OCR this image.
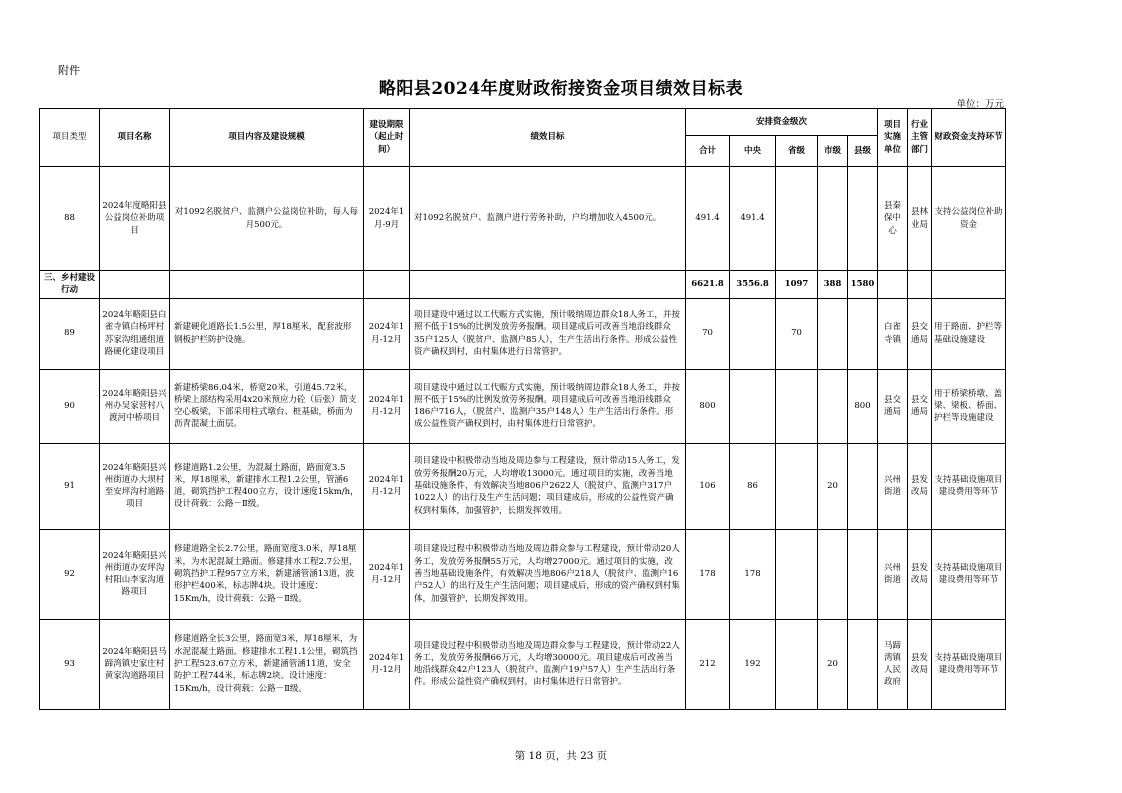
附件
略阳县2024年度财政衔接资金项目绩效目标表
单位：万元
项目类型	项目名称	项目内容及建设规模	建设期限（起止时间）	绩效目标	安排资金级次					项目实施单位	行业主管部门	财政资金支持环节
					合计	中央	省级	市级	县级			
88	2024年度略阳县公益岗位补助项目	对1092名脱贫户、监测户公益岗位补助，每人每月500元。	2024年1月-9月	对1092名脱贫户、监测户进行劳务补助，户均增加收入4500元。	491.4	491.4				县秦保中心	县林业局	支持公益岗位补助资金
三、乡村建设行动					6621.8	3556.8	1097	388	1580			
89	2024年略阳县白雀寺镇白杨坪村苏家沟组通组道路硬化建设项目	新建硬化道路长1.5公里，厚18厘米，配套波形钢板护栏防护设施。	2024年1月-12月	项目建设中通过以工代赈方式实施，预计吸纳周边群众18人务工，并按照不低于15%的比例发放劳务报酬。项目建成后可改善当地沿线群众35户125人（脱贫户、监测户85人），生产生活出行条件。形成公益性资产确权到村，由村集体进行日常管护。	70		70			白雀寺镇	县交通局	用于路面、护栏等基础设施建设
90	2024年略阳县兴州办吴家营村八渡河中桥项目	新建桥梁86.04米，桥宽20米，引道45.72米，桥梁上部结构采用4x20米预应力砼（后张）简支空心板梁，下部采用柱式墩台、桩基础，桥面为沥青混凝土面层。	2024年1月-12月	项目建设中通过以工代赈方式实施，预计吸纳周边群众18人务工，并按照不低于15%的比例发放劳务报酬。项目建成后可改善当地沿线群众186户716人，（脱贫户、监测户35户148人）生产生活出行条件。形成公益性资产确权到村，由村集体进行日常管护。	800				800	县交通局	县交通局	用于桥梁桥墩、盖梁、梁板、桥面、护栏等设施建设
91	2024年略阳县兴州街道办大坝村至安坪沟村道路项目	修建道路1.2公里，为混凝土路面，路面宽3.5米，厚18厘米，新建排水工程1.2公里，管涵6道，砌筑挡护工程400立方，设计速度15km/h，设计荷载：公路－Ⅱ级。	2024年1月-12月	项目建设中积极带动当地及周边参与工程建设，预计带动15人务工，发放劳务报酬20万元，人均增收13000元。通过项目的实施，改善当地基础设施条件，有效解决当地806户2622人（脱贫户、监测户317户1022人）的出行及生产生活问题；项目建成后，形成的公益性资产确权到村集体，加强管护，长期发挥效用。	106	86		20		兴州街道	县发改局	支持基础设施项目建设费用等环节
92	2024年略阳县兴州街道办安坪沟村阳山李家沟道路项目	修建道路全长2.7公里，路面宽度3.0米，厚18厘米，为水泥混凝土路面。修建排水工程2.7公里，砌筑挡护工程957立方米，新建涵管涵13道，波形护栏400米，标志牌4块。设计速度：15Km/h，设计荷载：公路－Ⅱ级。	2024年1月-12月	项目建设过程中积极带动当地及周边群众参与工程建设，预计带动20人务工，发放劳务报酬55万元，人均增27000元。通过项目的实施，改善当地基础设施条件，有效解决当地806户218人（脱贫户、监测户16户52人）的出行及生产生活问题；项目建成后，形成的资产确权到村集体，加强管护，长期发挥效用。	178	178				兴州街道	县发改局	支持基础设施项目建设费用等环节
93	2024年略阳县马蹄湾镇史家庄村黄家沟道路项目	修建道路全长3公里，路面宽3米，厚18厘米，为水泥混凝土路面。修建排水工程1.1公里，砌筑挡护工程523.67立方米，新建涵管涵11道，安全防护工程744米，标志牌2块。设计速度：15Km/h，设计荷载：公路－Ⅱ级。	2024年1月-12月	项目建设过程中积极带动当地及周边群众参与工程建设，预计带动22人务工，发放劳务报酬66万元，人均增30000元。项目建成后可改善当地沿线群众42户123人（脱贫户、监测户19户57人）生产生活出行条件。形成公益性资产确权到村，由村集体进行日常管护。	212	192		20		马蹄湾镇人民政府	县发改局	支持基础设施项目建设费用等环节
第 18 页，共 23 页
